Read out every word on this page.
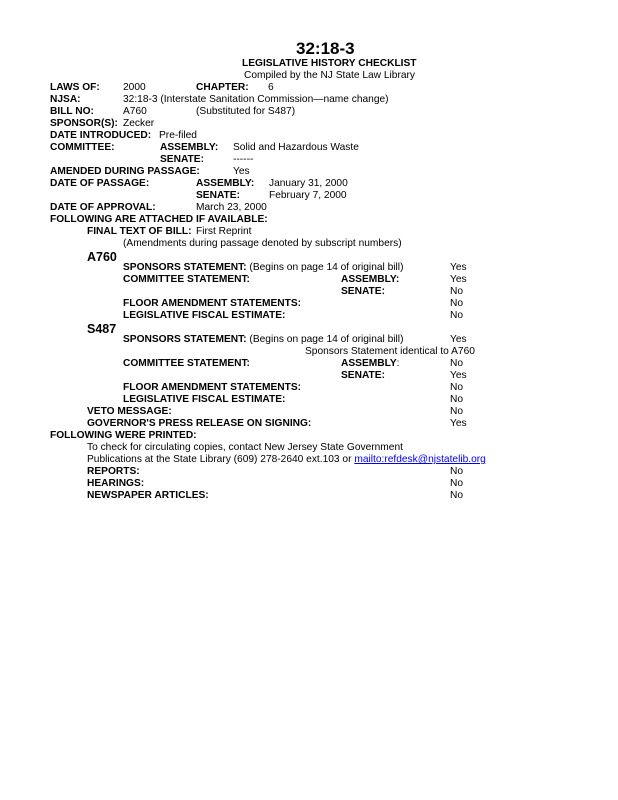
32:18-3
LEGISLATIVE HISTORY CHECKLIST
Compiled by the NJ State Law Library
LAWS OF: 2000	CHAPTER: 6
NJSA:	32:18-3 (Interstate Sanitation Commission—name change)
BILL NO:	A760	(Substituted for S487)
SPONSOR(S): Zecker
DATE INTRODUCED: Pre-filed
COMMITTEE:	ASSEMBLY: Solid and Hazardous Waste
SENATE:	------
AMENDED DURING PASSAGE:	Yes
DATE OF PASSAGE:	ASSEMBLY: January 31, 2000
SENATE:	February 7, 2000
DATE OF APPROVAL:	March 23, 2000
FOLLOWING ARE ATTACHED IF AVAILABLE:
FINAL TEXT OF BILL: First Reprint
(Amendments during passage denoted by subscript numbers)
A760
SPONSORS STATEMENT: (Begins on page 14 of original bill)	Yes
COMMITTEE STATEMENT:	ASSEMBLY:	Yes
SENATE:	No
FLOOR AMENDMENT STATEMENTS:	No
LEGISLATIVE FISCAL ESTIMATE:	No
S487
SPONSORS STATEMENT: (Begins on page 14 of original bill)	Yes
Sponsors Statement identical to A760
COMMITTEE STATEMENT:	ASSEMBLY:	No
SENATE:	Yes
FLOOR AMENDMENT STATEMENTS:	No
LEGISLATIVE FISCAL ESTIMATE:	No
VETO MESSAGE:	No
GOVERNOR'S PRESS RELEASE ON SIGNING:	Yes
FOLLOWING WERE PRINTED:
To check for circulating copies, contact New Jersey State Government
Publications at the State Library (609) 278-2640 ext.103 or mailto:refdesk@njstatelib.org
REPORTS:	No
HEARINGS:	No
NEWSPAPER ARTICLES:	No
